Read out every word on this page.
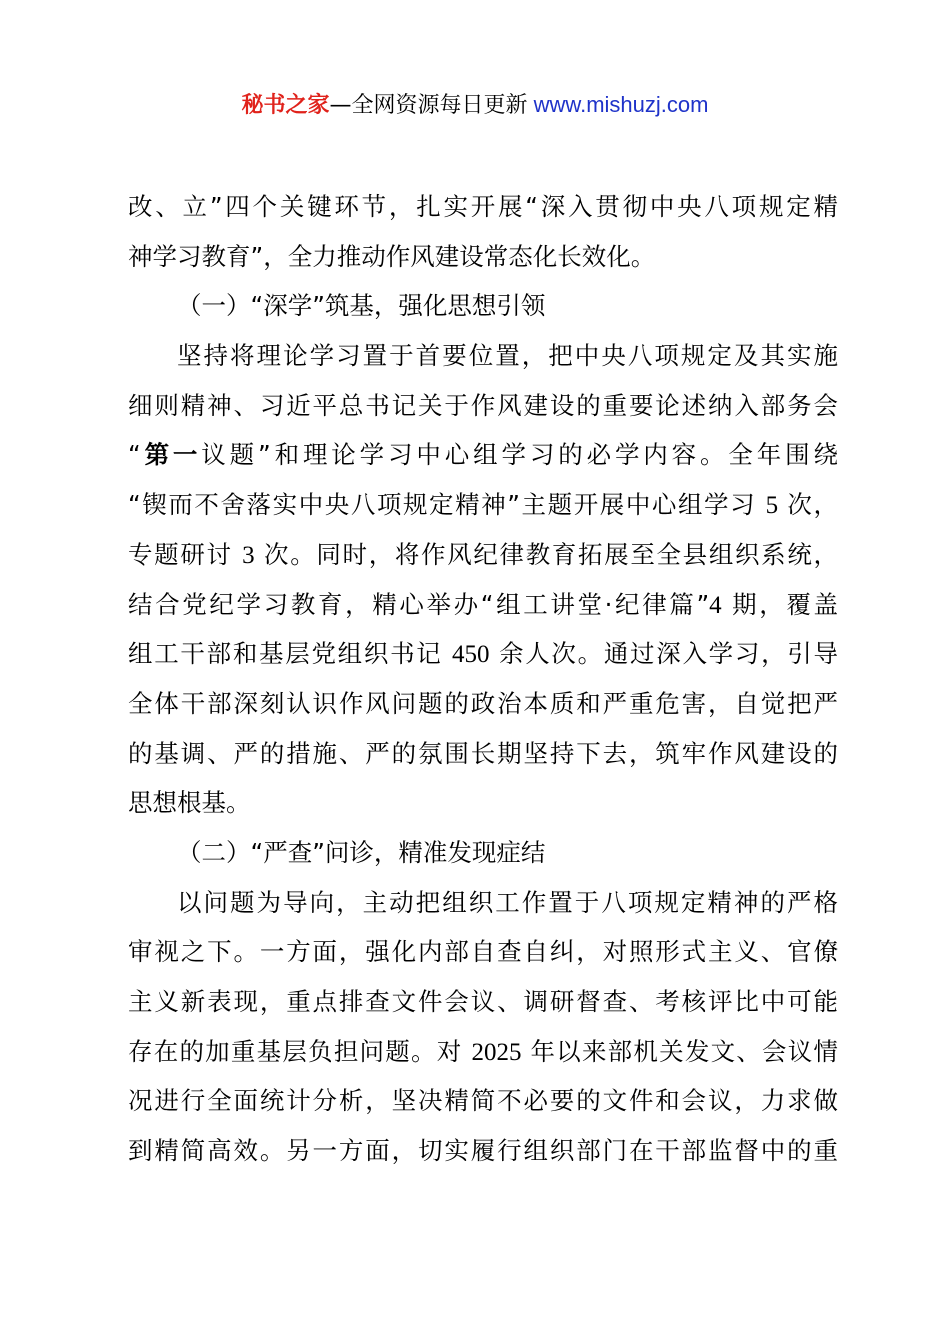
秘书之家—全网资源每日更新 www.mishuzj.com
改、立”四个关键环节，扎实开展“深入贯彻中央八项规定精
神学习教育”，全力推动作风建设常态化长效化。
（一）“深学”筑基，强化思想引领
坚持将理论学习置于首要位置，把中央八项规定及其实施
细则精神、习近平总书记关于作风建设的重要论述纳入部务会
“第一议题”和理论学习中心组学习的必学内容。全年围绕
“锲而不舍落实中央八项规定精神”主题开展中心组学习 5 次，
专题研讨 3 次。同时，将作风纪律教育拓展至全县组织系统，
结合党纪学习教育，精心举办“组工讲堂·纪律篇”4 期，覆盖
组工干部和基层党组织书记 450 余人次。通过深入学习，引导
全体干部深刻认识作风问题的政治本质和严重危害，自觉把严
的基调、严的措施、严的氛围长期坚持下去，筑牢作风建设的
思想根基。
（二）“严查”问诊，精准发现症结
以问题为导向，主动把组织工作置于八项规定精神的严格
审视之下。一方面，强化内部自查自纠，对照形式主义、官僚
主义新表现，重点排查文件会议、调研督查、考核评比中可能
存在的加重基层负担问题。对 2025 年以来部机关发文、会议情
况进行全面统计分析，坚决精简不必要的文件和会议，力求做
到精简高效。另一方面，切实履行组织部门在干部监督中的重
